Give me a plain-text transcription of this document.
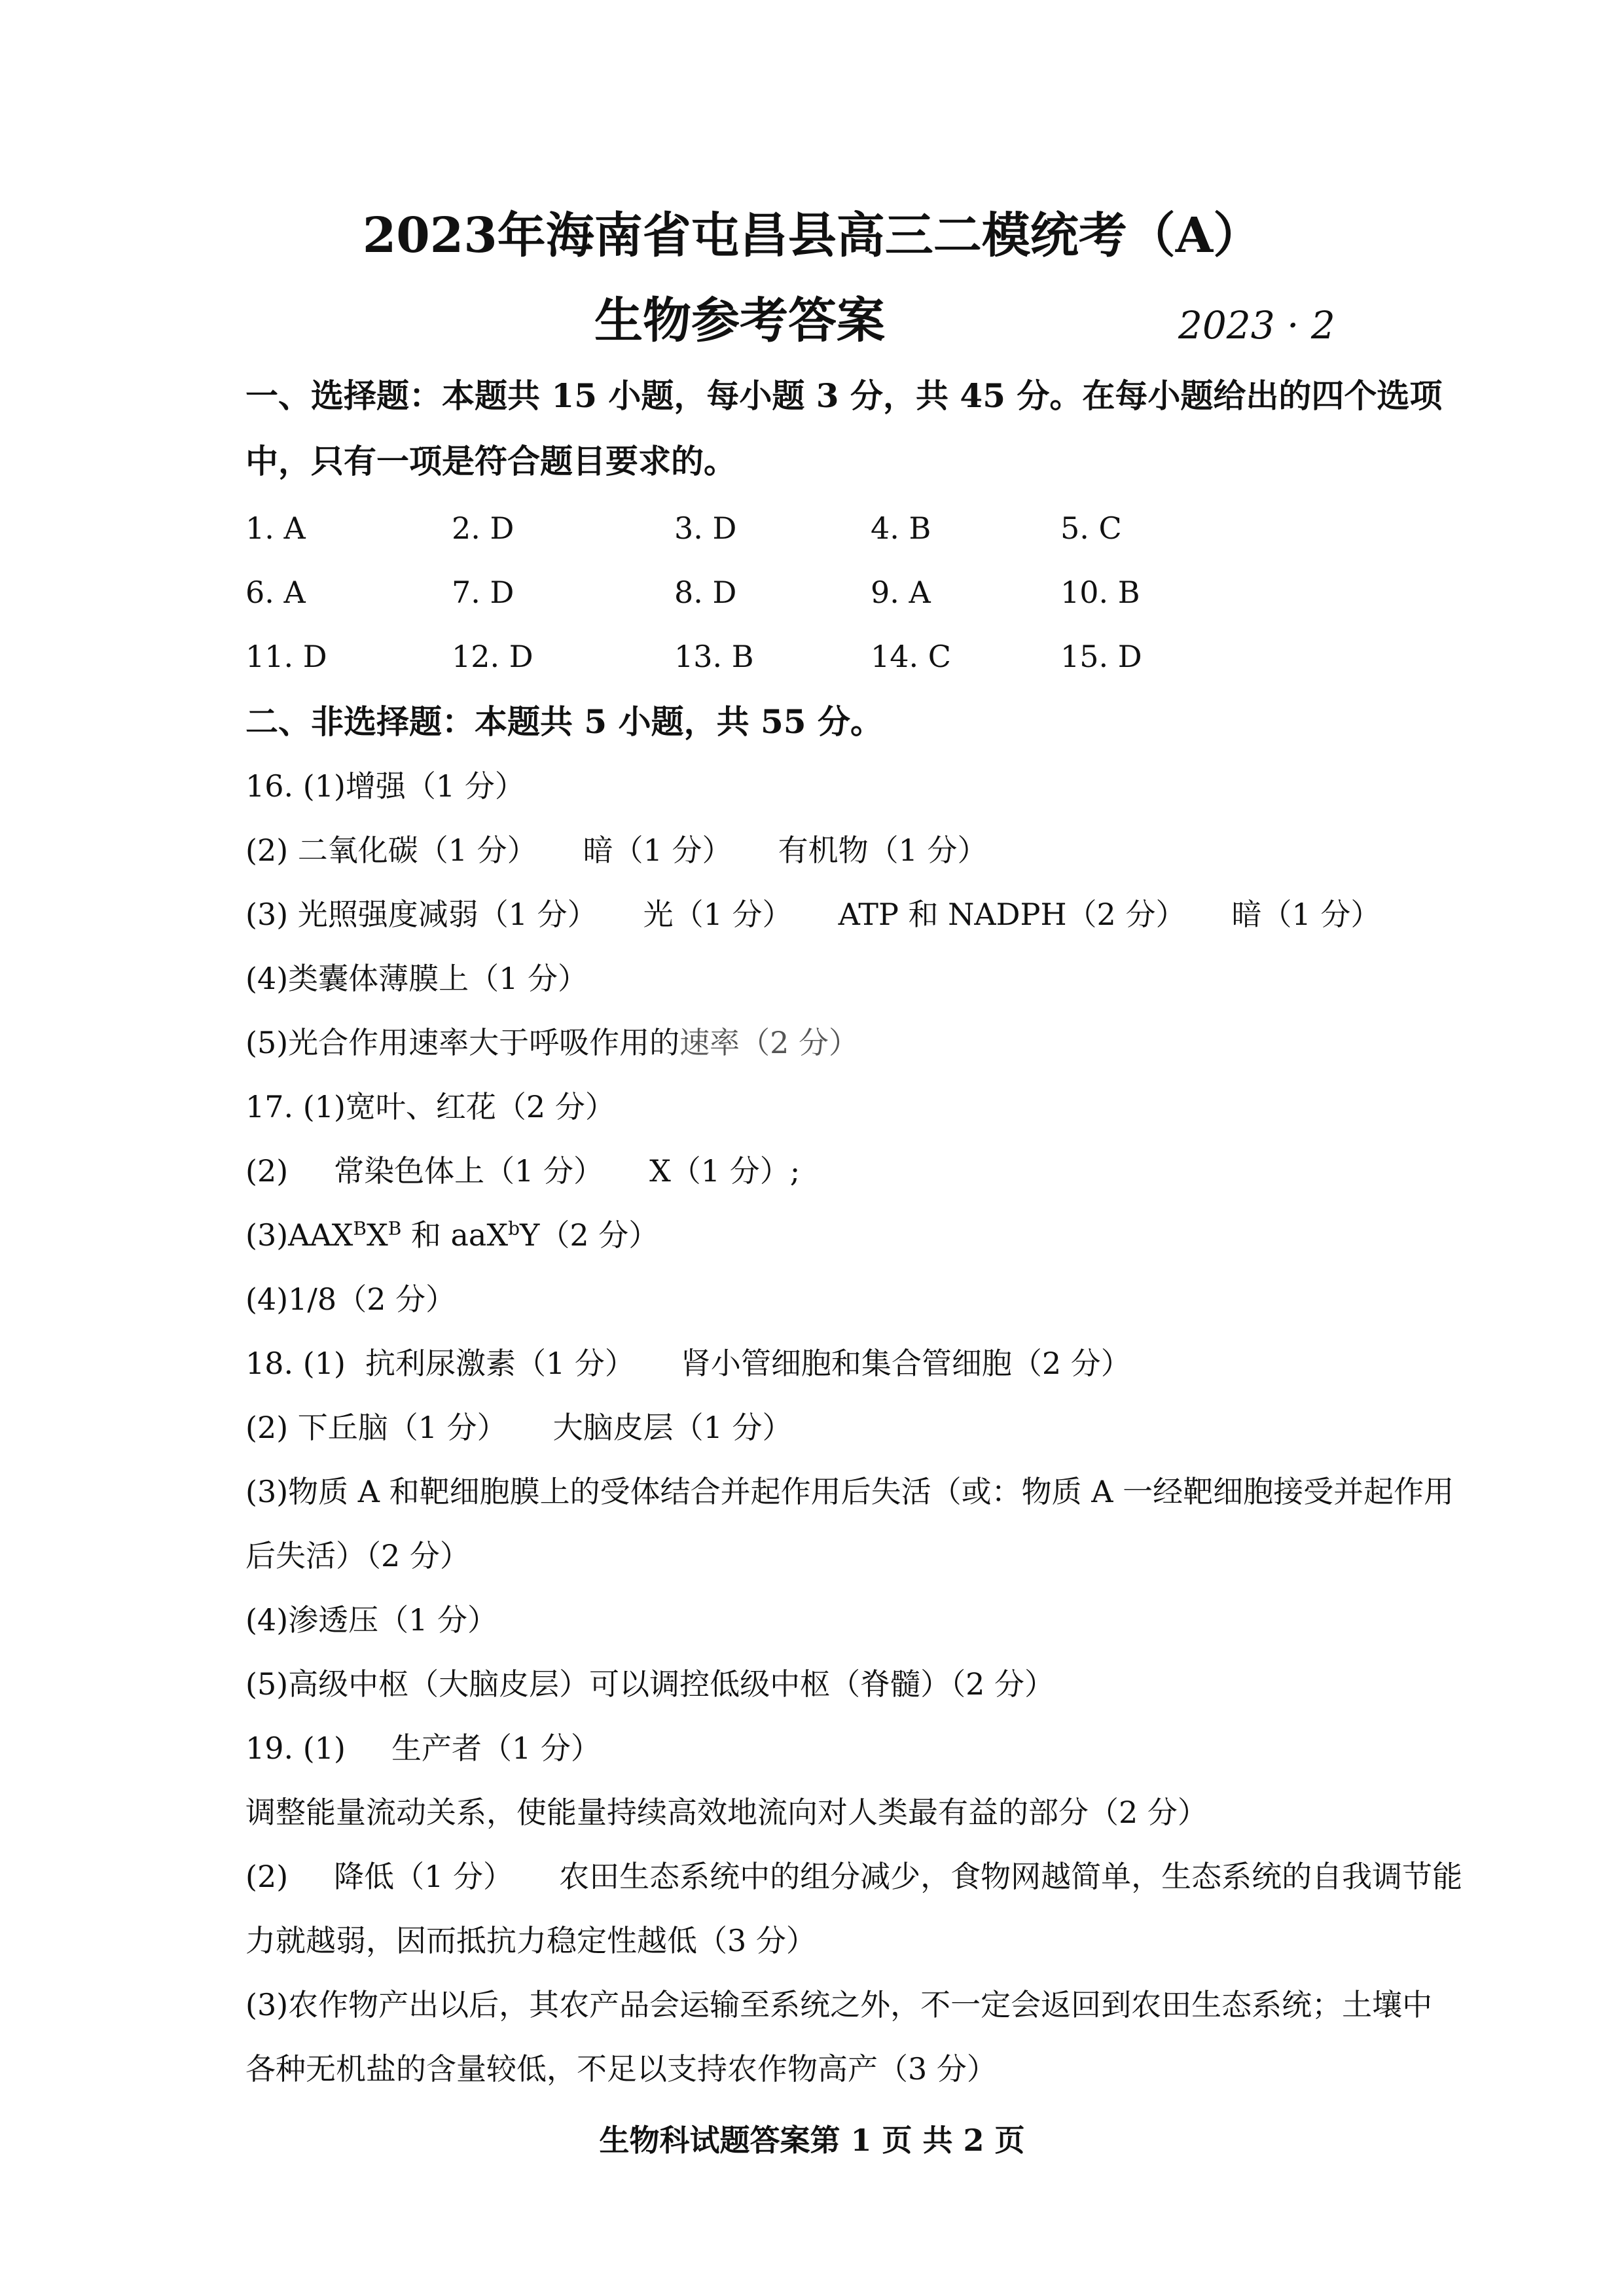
2023年海南省屯昌县高三二模统考（A）
生物参考答案	2023 · 2
一、选择题：本题共 15 小题，每小题 3 分，共 45 分。在每小题给出的四个选项
中，只有一项是符合题目要求的。
1. A	2. D	3. D	4. B	5. C
6. A	7. D	8. D	9. A	10. B
11. D	12. D	13. B	14. C	15. D
二、非选择题：本题共 5 小题，共 55 分。
16. (1)增强（1 分）
(2) 二氧化碳（1 分） 暗（1 分） 有机物（1 分）
(3) 光照强度减弱（1 分） 光（1 分） ATP 和 NADPH（2 分） 暗（1 分）
(4)类囊体薄膜上（1 分）
(5)光合作用速率大于呼吸作用的速率（2 分）
17. (1)宽叶、红花（2 分）
(2) 常染色体上（1 分） X（1 分）;
$(3)AAX^BX^B$ 和 aaX$^b$Y（2 分）
(4)1/8（2 分）
18. (1) 抗利尿激素（1 分） 肾小管细胞和集合管细胞（2 分）
(2) 下丘脑（1 分） 大脑皮层（1 分）
(3)物质 A 和靶细胞膜上的受体结合并起作用后失活（或：物质 A 一经靶细胞接受并起作用
后失活）（2 分）
(4)渗透压（1 分）
(5)高级中枢（大脑皮层）可以调控低级中枢（脊髓）（2 分）
19. (1) 生产者（1 分）
调整能量流动关系，使能量持续高效地流向对人类最有益的部分（2 分）
(2) 降低（1 分） 农田生态系统中的组分减少，食物网越简单，生态系统的自我调节能
力就越弱，因而抵抗力稳定性越低（3 分）
(3)农作物产出以后，其农产品会运输至系统之外，不一定会返回到农田生态系统；土壤中
各种无机盐的含量较低，不足以支持农作物高产（3 分）
生物科试题答案第 1 页 共 2 页
